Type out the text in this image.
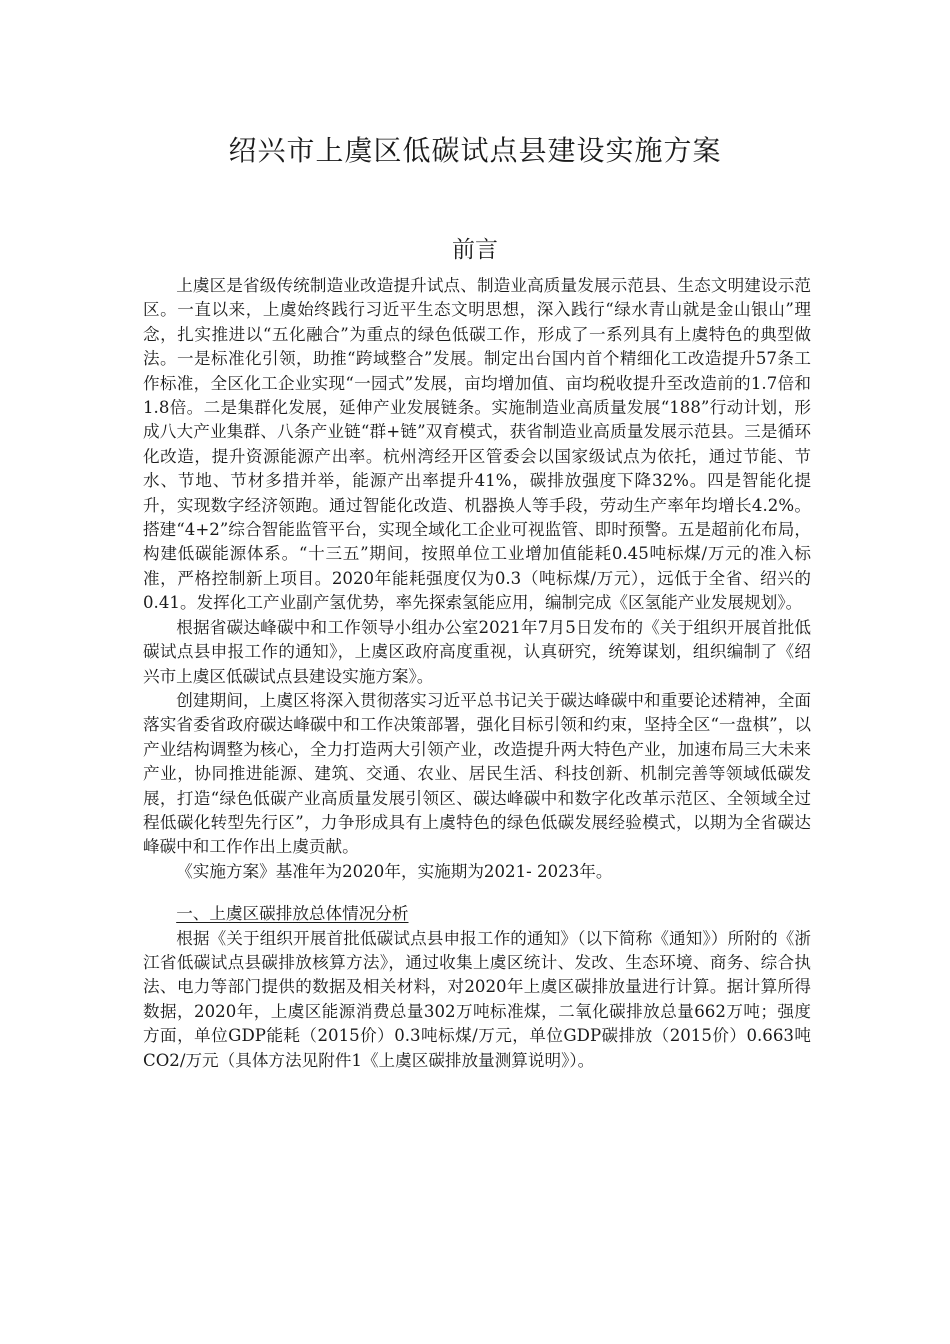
绍兴市上虞区低碳试点县建设实施方案
前言

上虞区是省级传统制造业改造提升试点、制造业高质量发展示范县、生态文明建设示范区。一直以来，上虞始终践行习近平生态文明思想，深入践行“绿水青山就是金山银山”理念，扎实推进以“五化融合”为重点的绿色低碳工作，形成了一系列具有上虞特色的典型做法。一是标准化引领，助推“跨域整合”发展。制定出台国内首个精细化工改造提升57条工作标准，全区化工企业实现“一园式”发展，亩均增加值、亩均税收提升至改造前的1.7倍和1.8倍。二是集群化发展，延伸产业发展链条。实施制造业高质量发展“188”行动计划，形成八大产业集群、八条产业链“群+链”双育模式，获省制造业高质量发展示范县。三是循环化改造，提升资源能源产出率。杭州湾经开区管委会以国家级试点为依托，通过节能、节水、节地、节材多措并举，能源产出率提升41%，碳排放强度下降32%。四是智能化提升，实现数字经济领跑。通过智能化改造、机器换人等手段，劳动生产率年均增长4.2%。搭建“4+2”综合智能监管平台，实现全域化工企业可视监管、即时预警。五是超前化布局，构建低碳能源体系。“十三五”期间，按照单位工业增加值能耗0.45吨标煤/万元的准入标准，严格控制新上项目。2020年能耗强度仅为0.3（吨标煤/万元），远低于全省、绍兴的0.41。发挥化工产业副产氢优势，率先探索氢能应用，编制完成《区氢能产业发展规划》。

根据省碳达峰碳中和工作领导小组办公室2021年7月5日发布的《关于组织开展首批低碳试点县申报工作的通知》，上虞区政府高度重视，认真研究，统筹谋划，组织编制了《绍兴市上虞区低碳试点县建设实施方案》。

创建期间，上虞区将深入贯彻落实习近平总书记关于碳达峰碳中和重要论述精神，全面落实省委省政府碳达峰碳中和工作决策部署，强化目标引领和约束，坚持全区“一盘棋”，以产业结构调整为核心，全力打造两大引领产业，改造提升两大特色产业，加速布局三大未来产业，协同推进能源、建筑、交通、农业、居民生活、科技创新、机制完善等领域低碳发展，打造“绿色低碳产业高质量发展引领区、碳达峰碳中和数字化改革示范区、全领域全过程低碳化转型先行区”，力争形成具有上虞特色的绿色低碳发展经验模式，以期为全省碳达峰碳中和工作作出上虞贡献。

《实施方案》基准年为2020年，实施期为2021- 2023年。

一、上虞区碳排放总体情况分析

根据《关于组织开展首批低碳试点县申报工作的通知》（以下简称《通知》）所附的《浙江省低碳试点县碳排放核算方法》，通过收集上虞区统计、发改、生态环境、商务、综合执法、电力等部门提供的数据及相关材料，对2020年上虞区碳排放量进行计算。据计算所得数据，2020年，上虞区能源消费总量302万吨标准煤，二氧化碳排放总量662万吨；强度方面，单位GDP能耗（2015价）0.3吨标煤/万元，单位GDP碳排放（2015价）0.663吨CO2/万元（具体方法见附件1《上虞区碳排放量测算说明》）。
